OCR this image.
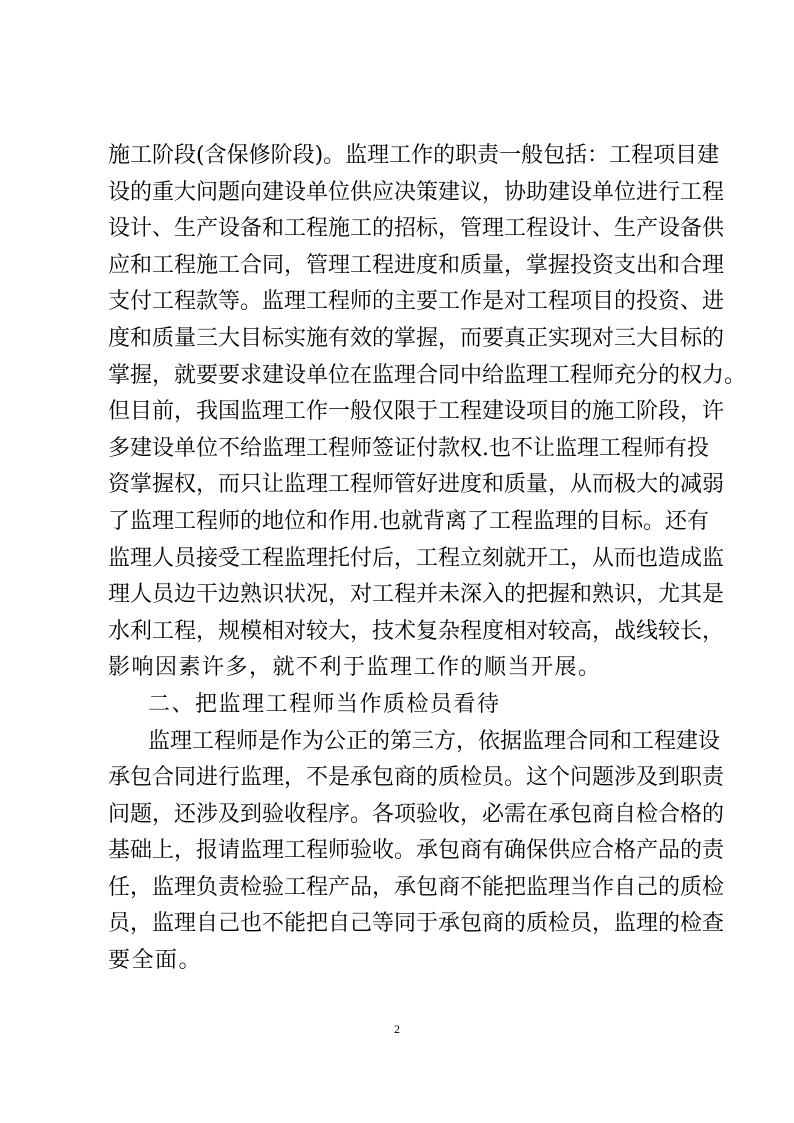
施工阶段(含保修阶段)。监理工作的职责一般包括：工程项目建
设的重大问题向建设单位供应决策建议，协助建设单位进行工程
设计、生产设备和工程施工的招标，管理工程设计、生产设备供
应和工程施工合同，管理工程进度和质量，掌握投资支出和合理
支付工程款等。监理工程师的主要工作是对工程项目的投资、进
度和质量三大目标实施有效的掌握，而要真正实现对三大目标的
掌握，就要要求建设单位在监理合同中给监理工程师充分的权力。
但目前，我国监理工作一般仅限于工程建设项目的施工阶段，许
多建设单位不给监理工程师签证付款权.也不让监理工程师有投
资掌握权，而只让监理工程师管好进度和质量，从而极大的减弱
了监理工程师的地位和作用.也就背离了工程监理的目标。还有
监理人员接受工程监理托付后，工程立刻就开工，从而也造成监
理人员边干边熟识状况，对工程并未深入的把握和熟识，尤其是
水利工程，规模相对较大，技术复杂程度相对较高，战线较长，
影响因素许多，就不利于监理工作的顺当开展。
二、把监理工程师当作质检员看待
监理工程师是作为公正的第三方，依据监理合同和工程建设
承包合同进行监理，不是承包商的质检员。这个问题涉及到职责
问题，还涉及到验收程序。各项验收，必需在承包商自检合格的
基础上，报请监理工程师验收。承包商有确保供应合格产品的责
任，监理负责检验工程产品，承包商不能把监理当作自己的质检
员，监理自己也不能把自己等同于承包商的质检员，监理的检查
要全面。
2
